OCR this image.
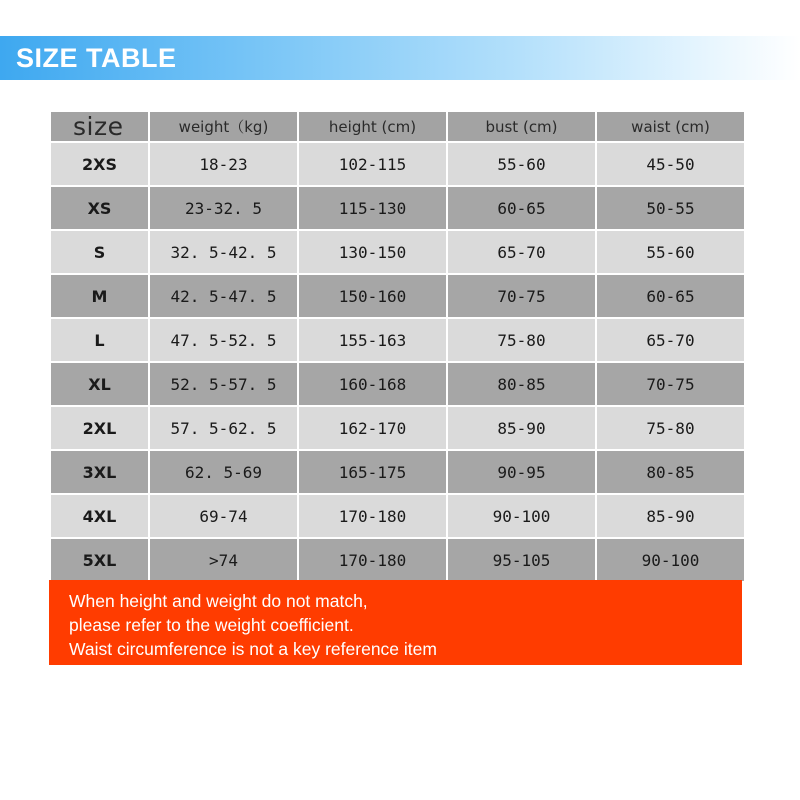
SIZE TABLE
size	weight（kg)	height (cm)	bust (cm)	waist (cm)
2XS	18-23	102-115	55-60	45-50
XS	23-32. 5	115-130	60-65	50-55
S	32. 5-42. 5	130-150	65-70	55-60
M	42. 5-47. 5	150-160	70-75	60-65
L	47. 5-52. 5	155-163	75-80	65-70
XL	52. 5-57. 5	160-168	80-85	70-75
2XL	57. 5-62. 5	162-170	85-90	75-80
3XL	62. 5-69	165-175	90-95	80-85
4XL	69-74	170-180	90-100	85-90
5XL	>74	170-180	95-105	90-100
When height and weight do not match,
please refer to the weight coefficient.
Waist circumference is not a key reference item
